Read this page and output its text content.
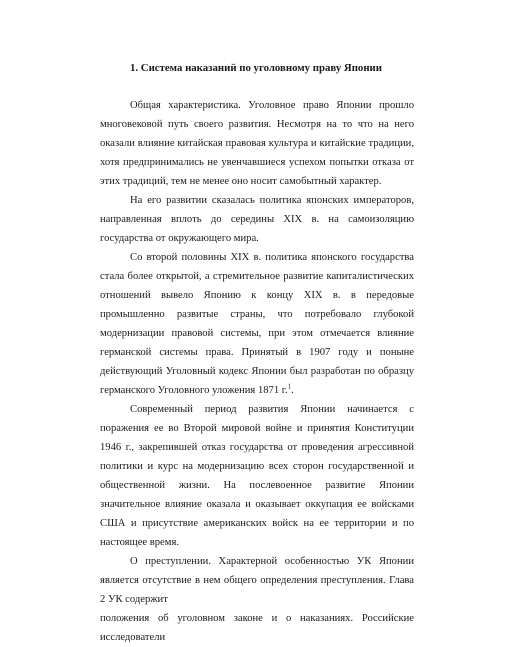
1. Система наказаний по уголовному праву Японии

Общая характеристика. Уголовное право Японии прошло многовековой путь своего развития. Несмотря на то что на него оказали влияние китайская правовая культура и китайские традиции, хотя предпринимались не увенчавшиеся успехом попытки отказа от этих традиций, тем не менее оно носит самобытный характер.

На его развитии сказалась политика японских императоров, направленная вплоть до середины XIX в. на самоизоляцию государства от окружающего мира.

Со второй половины XIX в. политика японского государства стала более открытой, а стремительное развитие капиталистических отношений вывело Японию к концу XIX в. в передовые промышленно развитые страны, что потребовало глубокой модернизации правовой системы, при этом отмечается влияние германской системы права. Принятый в 1907 году и поныне действующий Уголовный кодекс Японии был разработан по образцу германского Уголовного уложения 1871 г.$^1$.

Современный период развития Японии начинается с поражения ее во Второй мировой войне и принятия Конституции 1946 г., закрепившей отказ государства от проведения агрессивной политики и курс на модернизацию всех сторон государственной и общественной жизни. На послевоенное развитие Японии значительное влияние оказала и оказывает оккупация ее войсками США и присутствие американских войск на ее территории и по настоящее время.

О преступлении. Характерной особенностью УК Японии является отсутствие в нем общего определения преступления. Глава 2 УК содержит

положения об уголовном законе и о наказаниях. Российские исследователи
